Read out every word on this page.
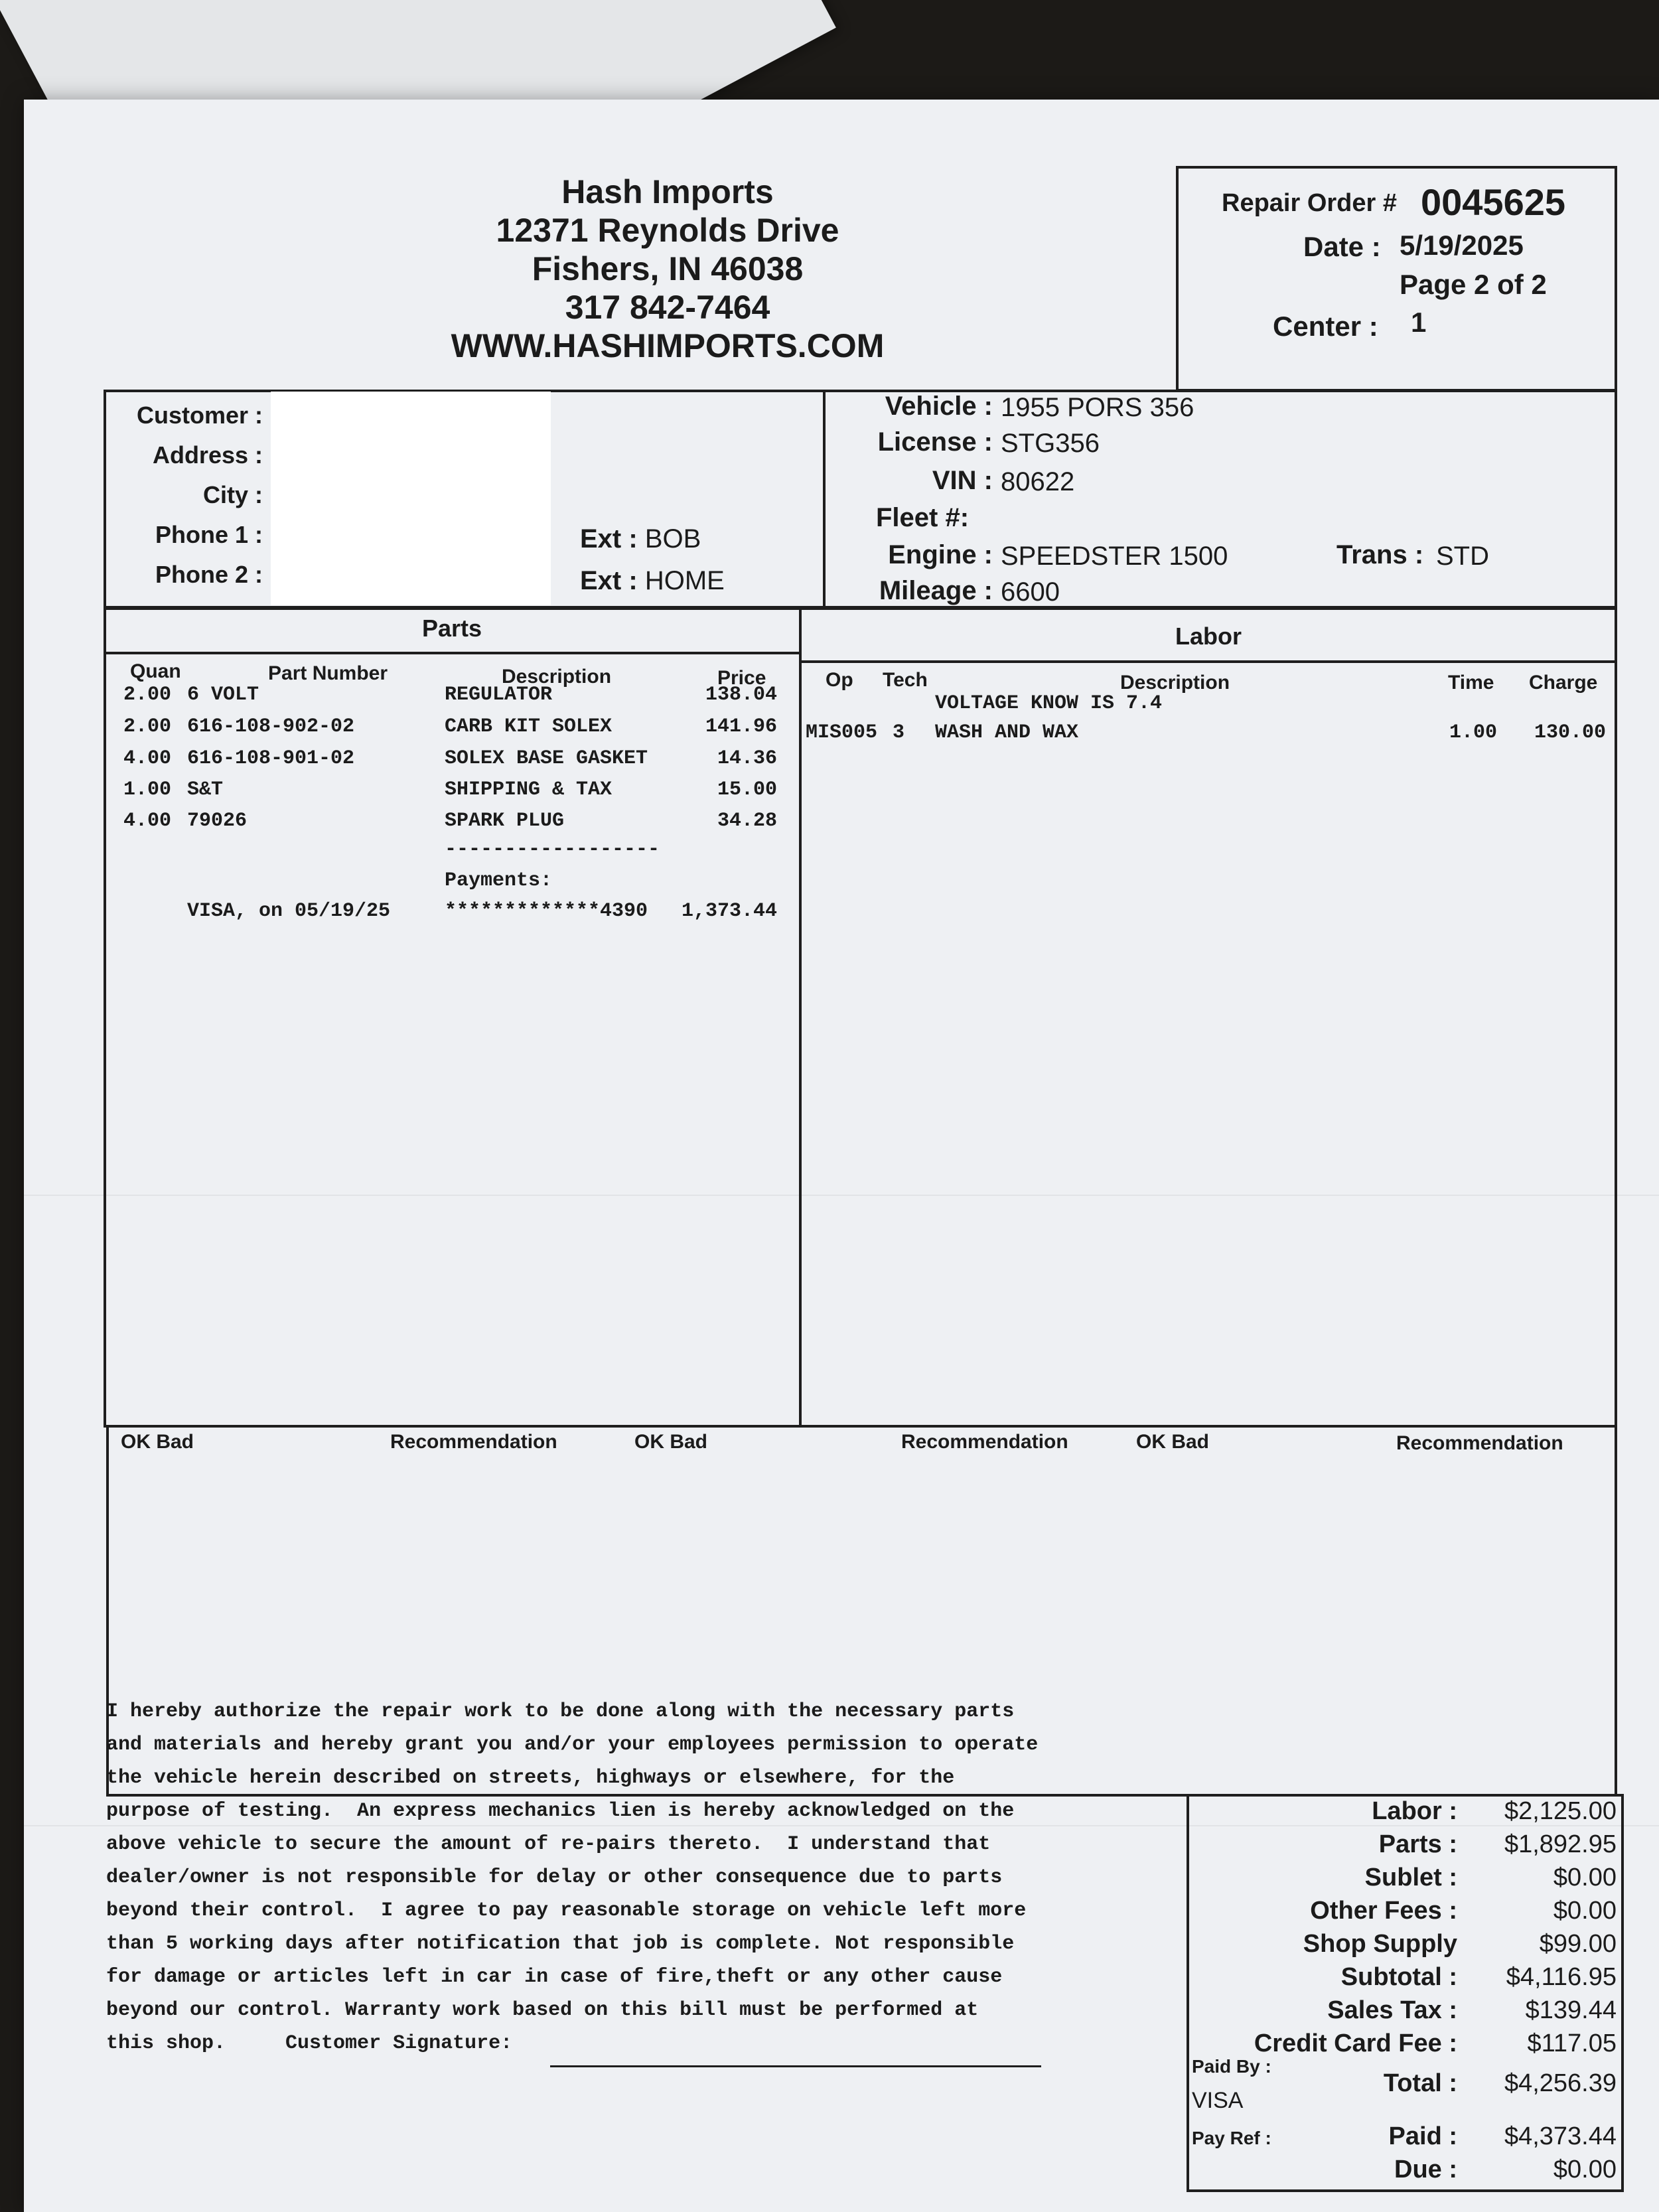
Hash Imports
12371 Reynolds Drive
Fishers, IN 46038
317 842-7464
WWW.HASHIMPORTS.COM
Repair Order # 0045625
Date : 5/19/2025
Page 2 of 2
Center : 1
Customer :
Address :
City :
Phone 1 :
Phone 2 :
Ext : BOB
Ext : HOME
Vehicle : 1955 PORS 356
License : STG356
VIN : 80622
Fleet #:
Engine : SPEEDSTER 1500	Trans : STD
Mileage : 6600
Parts	Labor
Quan	Part Number	Description	Price
2.00 6 VOLT	REGULATOR	138.04
2.00 616-108-902-02	CARB KIT SOLEX	141.96
4.00 616-108-901-02	SOLEX BASE GASKET	14.36
1.00 S&T	SHIPPING & TAX	15.00
4.00 79026	SPARK PLUG	34.28
------------------
Payments:
VISA, on 05/19/25	*************4390	1,373.44
Op Tech	Description	Time Charge
VOLTAGE KNOW IS 7.4
MIS005 3 WASH AND WAX	1.00 130.00
OK Bad	Recommendation	OK Bad	Recommendation	OK Bad	Recommendation
I hereby authorize the repair work to be done along with the necessary parts
and materials and hereby grant you and/or your employees permission to operate
the vehicle herein described on streets, highways or elsewhere, for the
purpose of testing.  An express mechanics lien is hereby acknowledged on the
above vehicle to secure the amount of re-pairs thereto.  I understand that
dealer/owner is not responsible for delay or other consequence due to parts
beyond their control.  I agree to pay reasonable storage on vehicle left more
than 5 working days after notification that job is complete. Not responsible
for damage or articles left in car in case of fire,theft or any other cause
beyond our control. Warranty work based on this bill must be performed at
this shop.     Customer Signature:
Labor :	$2,125.00
Parts :	$1,892.95
Sublet :	$0.00
Other Fees :	$0.00
Shop Supply	$99.00
Subtotal :	$4,116.95
Sales Tax :	$139.44
Credit Card Fee :	$117.05
Paid By :
VISA
Total :	$4,256.39
Pay Ref :	Paid :	$4,373.44
Due :	$0.00
